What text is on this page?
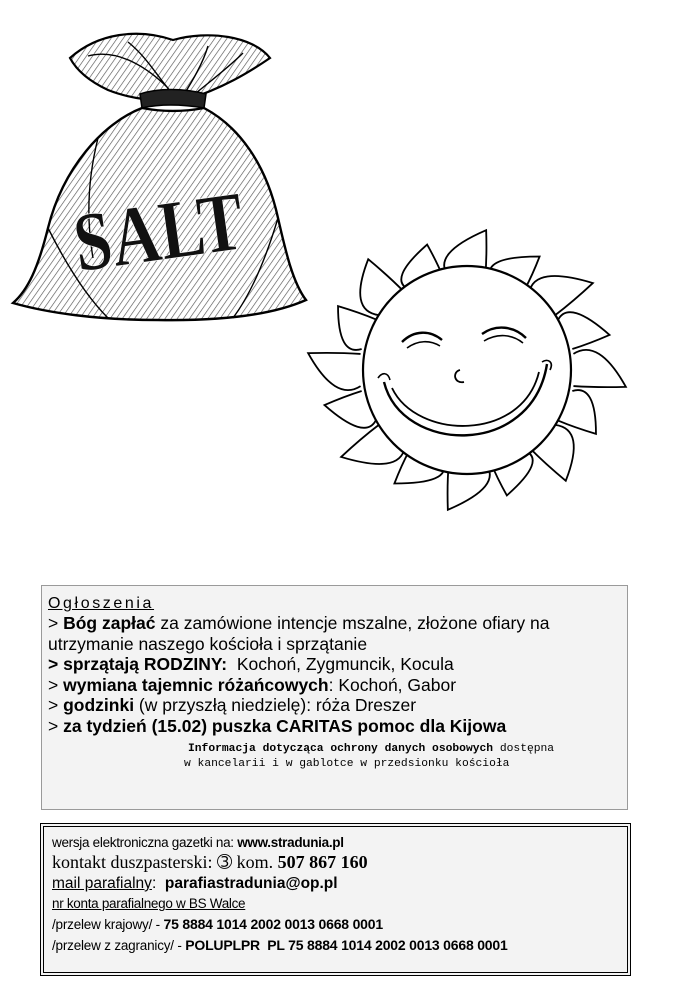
SALT
Ogłoszenia
> Bóg zapłać za zamówione intencje mszalne, złożone ofiary na utrzymanie naszego kościoła i sprzątanie
> sprzątają RODZINY:  Kochoń, Zygmuncik, Kocula
> wymiana tajemnic różańcowych: Kochoń, Gabor
> godzinki (w przyszłą niedzielę): róża Dreszer
> za tydzień (15.02) puszka CARITAS pomoc dla Kijowa
Informacja dotycząca ochrony danych osobowych dostępna
w kancelarii i w gablotce w przedsionku kościoła
wersja elektroniczna gazetki na: www.stradunia.pl
kontakt duszpasterski: ➂ kom. 507 867 160
mail parafialny:  parafiastradunia@op.pl
nr konta parafialnego w BS Walce
/przelew krajowy/ - 75 8884 1014 2002 0013 0668 0001
/przelew z zagranicy/ - POLUPLPR  PL 75 8884 1014 2002 0013 0668 0001
